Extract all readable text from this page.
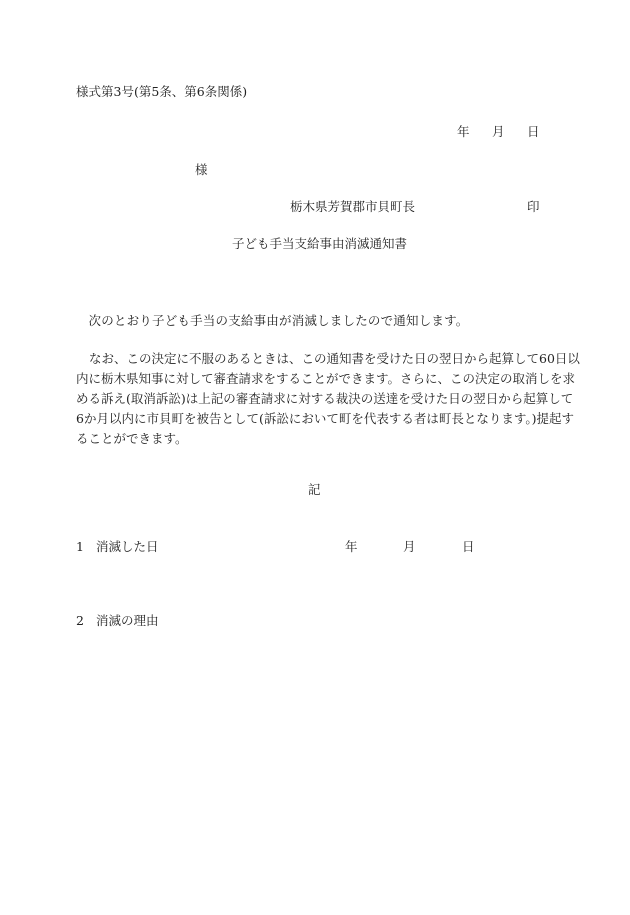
様式第3号(第5条、第6条関係)
年 月 日
様
栃木県芳賀郡市貝町長	印
子ども手当支給事由消滅通知書
次のとおり子ども手当の支給事由が消滅しましたので通知します。
なお、この決定に不服のあるときは、この通知書を受けた日の翌日から起算して60日以
内に栃木県知事に対して審査請求をすることができます。さらに、この決定の取消しを求
める訴え(取消訴訟)は上記の審査請求に対する裁決の送達を受けた日の翌日から起算して
6か月以内に市貝町を被告として(訴訟において町を代表する者は町長となります。)提起す
ることができます。
記
1 消滅した日	年	月	日
2 消滅の理由
